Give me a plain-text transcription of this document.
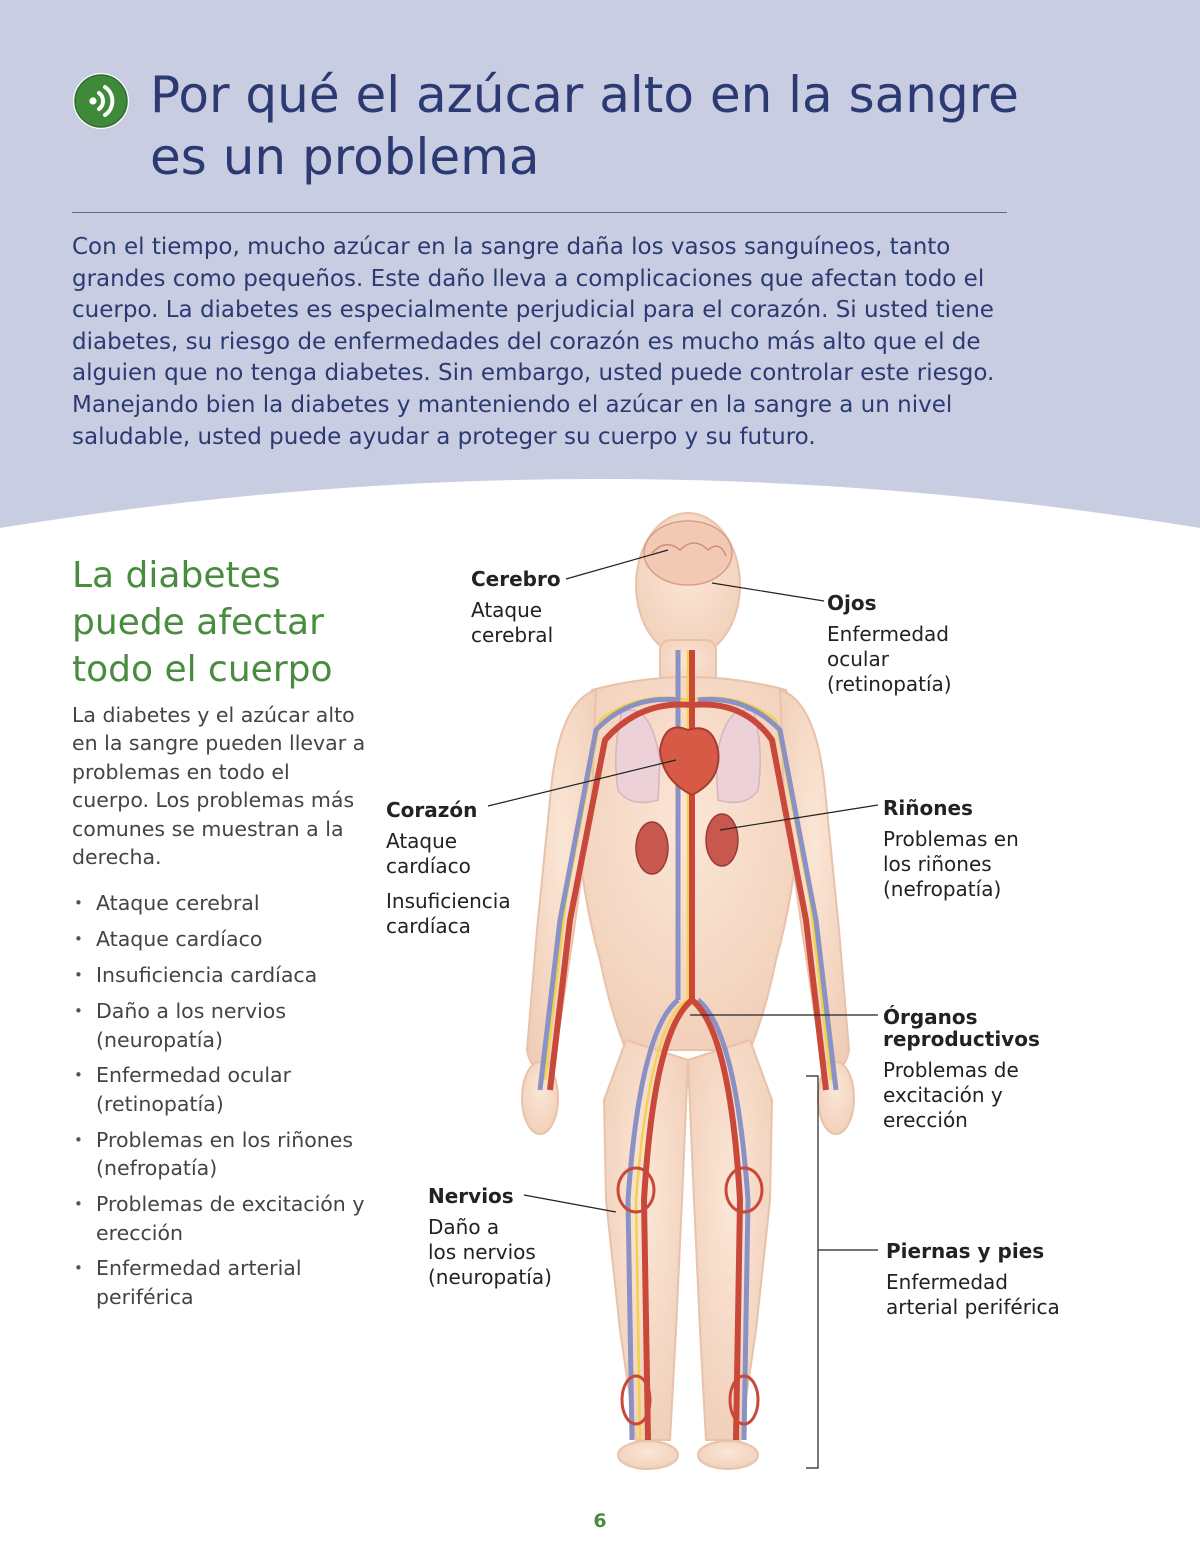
Por qué el azúcar alto en la sangre
es un problema

Con el tiempo, mucho azúcar en la sangre daña los vasos sanguíneos, tanto grandes como pequeños. Este daño lleva a complicaciones que afectan todo el cuerpo. La diabetes es especialmente perjudicial para el corazón. Si usted tiene diabetes, su riesgo de enfermedades del corazón es mucho más alto que el de alguien que no tenga diabetes. Sin embargo, usted puede controlar este riesgo. Manejando bien la diabetes y manteniendo el azúcar en la sangre a un nivel saludable, usted puede ayudar a proteger su cuerpo y su futuro.

La diabetes
puede afectar
todo el cuerpo

La diabetes y el azúcar alto en la sangre pueden llevar a problemas en todo el cuerpo. Los problemas más comunes se muestran a la derecha.

• Ataque cerebral
• Ataque cardíaco
• Insuficiencia cardíaca
• Daño a los nervios (neuropatía)
• Enfermedad ocular (retinopatía)
• Problemas en los riñones (nefropatía)
• Problemas de excitación y erección
• Enfermedad arterial periférica
Cerebro
Ataque
cerebral
Ojos
Enfermedad
ocular
(retinopatía)
Corazón
Ataque
cardíaco
Insuficiencia
cardíaca
Riñones
Problemas en
los riñones
(nefropatía)
Órganos
reproductivos
Problemas de
excitación y
erección
Nervios
Daño a
los nervios
(neuropatía)
Piernas y pies
Enfermedad
arterial periférica
6
